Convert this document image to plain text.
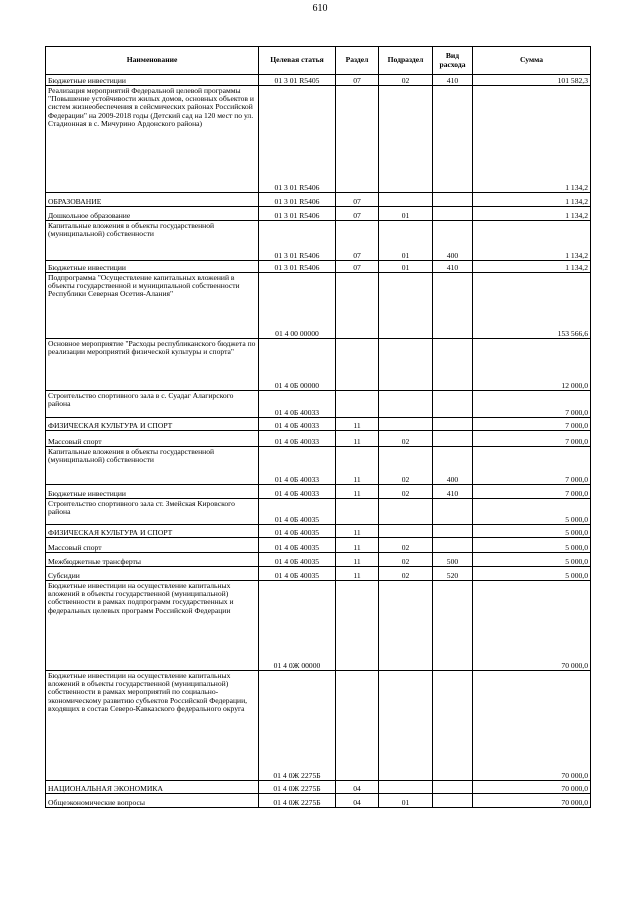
610
Наименование	Целевая статья	Раздел	Подраздел	Вид расхода	Сумма
Бюджетные инвестиции	01 3 01 R5405	07	02	410	101 582,3
Реализация мероприятий Федеральной целевой программы "Повышение устойчивости жилых домов, основных объектов и систем жизнеобеспечения в сейсмических районах Российской Федерации" на 2009-2018 годы (Детский сад на 120 мест по ул. Стадионная в с. Мичурино Ардонского района)	01 3 01 R5406				1 134,2
ОБРАЗОВАНИЕ	01 3 01 R5406	07			1 134,2
Дошкольное образование	01 3 01 R5406	07	01		1 134,2
Капитальные вложения в объекты государственной (муниципальной) собственности	01 3 01 R5406	07	01	400	1 134,2
Бюджетные инвестиции	01 3 01 R5406	07	01	410	1 134,2
Подпрограмма "Осуществление капитальных вложений в объекты государственной и муниципальной собственности Республики Северная Осетия-Алания"	01 4 00 00000				153 566,6
Основное мероприятие "Расходы республиканского бюджета по реализации мероприятий физической культуры и спорта"	01 4 0Б 00000				12 000,0
Строительство спортивного зала в с. Суадаг Алагирского района	01 4 0Б 40033				7 000,0
ФИЗИЧЕСКАЯ КУЛЬТУРА И СПОРТ	01 4 0Б 40033	11			7 000,0
Массовый спорт	01 4 0Б 40033	11	02		7 000,0
Капитальные вложения в объекты государственной (муниципальной) собственности	01 4 0Б 40033	11	02	400	7 000,0
Бюджетные инвестиции	01 4 0Б 40033	11	02	410	7 000,0
Строительство спортивного зала ст. Змейская Кировского района	01 4 0Б 40035				5 000,0
ФИЗИЧЕСКАЯ КУЛЬТУРА И СПОРТ	01 4 0Б 40035	11			5 000,0
Массовый спорт	01 4 0Б 40035	11	02		5 000,0
Межбюджетные трансферты	01 4 0Б 40035	11	02	500	5 000,0
Субсидии	01 4 0Б 40035	11	02	520	5 000,0
Бюджетные инвестиции на осуществление капитальных вложений в объекты государственной (муниципальной) собственности в рамках подпрограмм государственных и федеральных целевых программ Российской Федерации	01 4 0Ж 00000				70 000,0
Бюджетные инвестиции на осуществление капитальных вложений в объекты государственной (муниципальной) собственности в рамках мероприятий по социально-экономическому развитию субъектов Российской Федерации, входящих в состав Северо-Кавказского федерального округа	01 4 0Ж 2275Б				70 000,0
НАЦИОНАЛЬНАЯ ЭКОНОМИКА	01 4 0Ж 2275Б	04			70 000,0
Общеэкономические вопросы	01 4 0Ж 2275Б	04	01		70 000,0
